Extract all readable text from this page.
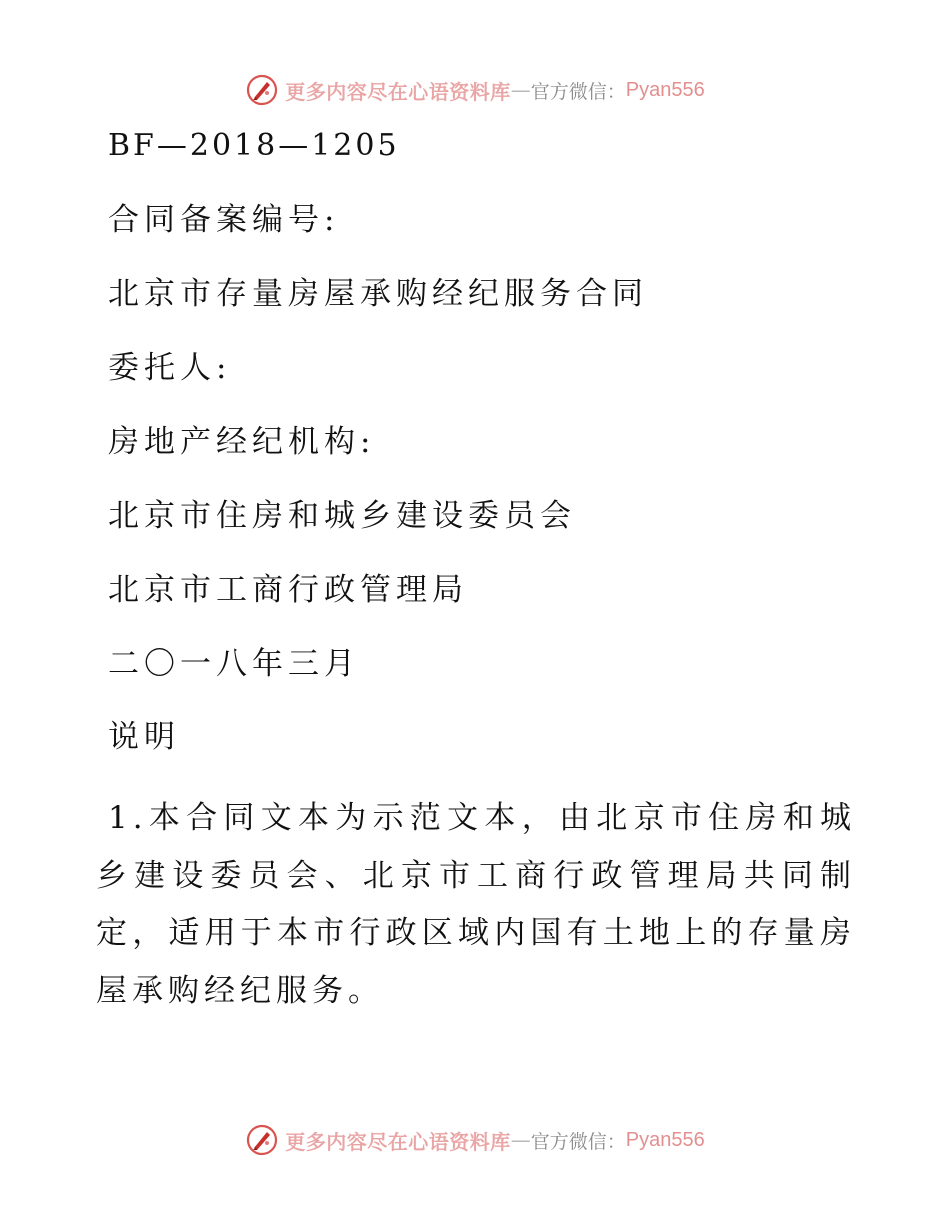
更多内容尽在心语资料库 — 官方微信： Pyan556
BF—2018—1205
合同备案编号:
北京市存量房屋承购经纪服务合同
委托人:
房地产经纪机构:
北京市住房和城乡建设委员会
北京市工商行政管理局
二〇一八年三月
说明

1.本合同文本为示范文本，由北京市住房和城乡建设委员会、北京市工商行政管理局共同制定，适用于本市行政区域内国有土地上的存量房屋承购经纪服务。

更多内容尽在心语资料库 — 官方微信： Pyan556
